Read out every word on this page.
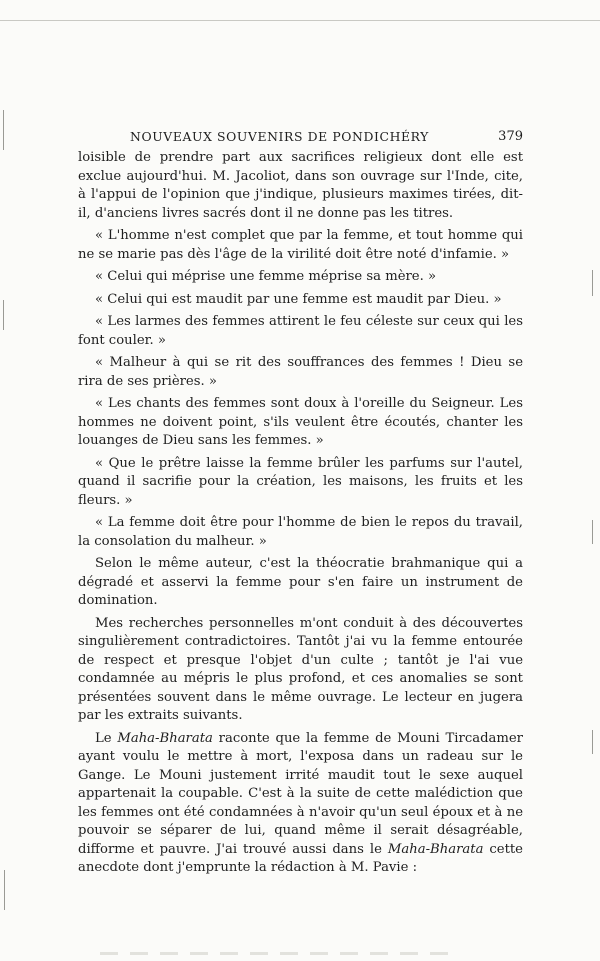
NOUVEAUX SOUVENIRS DE PONDICHÉRY	379

loisible de prendre part aux sacrifices religieux dont elle est exclue aujourd'hui. M. Jacoliot, dans son ouvrage sur l'Inde, cite, à l'appui de l'opinion que j'indique, plusieurs maximes tirées, dit-il, d'anciens livres sacrés dont il ne donne pas les titres.

« L'homme n'est complet que par la femme, et tout homme qui ne se marie pas dès l'âge de la virilité doit être noté d'infamie. »

« Celui qui méprise une femme méprise sa mère. »

« Celui qui est maudit par une femme est maudit par Dieu. »

« Les larmes des femmes attirent le feu céleste sur ceux qui les font couler. »

« Malheur à qui se rit des souffrances des femmes ! Dieu se rira de ses prières. »

« Les chants des femmes sont doux à l'oreille du Seigneur. Les hommes ne doivent point, s'ils veulent être écoutés, chanter les louanges de Dieu sans les femmes. »

« Que le prêtre laisse la femme brûler les parfums sur l'autel, quand il sacrifie pour la création, les maisons, les fruits et les fleurs. »

« La femme doit être pour l'homme de bien le repos du travail, la consolation du malheur. »

Selon le même auteur, c'est la théocratie brahmanique qui a dégradé et asservi la femme pour s'en faire un instrument de domination.

Mes recherches personnelles m'ont conduit à des découvertes singulièrement contradictoires. Tantôt j'ai vu la femme entourée de respect et presque l'objet d'un culte ; tantôt je l'ai vue condamnée au mépris le plus profond, et ces anomalies se sont présentées souvent dans le même ouvrage. Le lecteur en jugera par les extraits suivants.

Le Maha-Bharata raconte que la femme de Mouni Tircadamer ayant voulu le mettre à mort, l'exposa dans un radeau sur le Gange. Le Mouni justement irrité maudit tout le sexe auquel appartenait la coupable. C'est à la suite de cette malédiction que les femmes ont été condamnées à n'avoir qu'un seul époux et à ne pouvoir se séparer de lui, quand même il serait désagréable, difforme et pauvre. J'ai trouvé aussi dans le Maha-Bharata cette anecdote dont j'emprunte la rédaction à M. Pavie :
